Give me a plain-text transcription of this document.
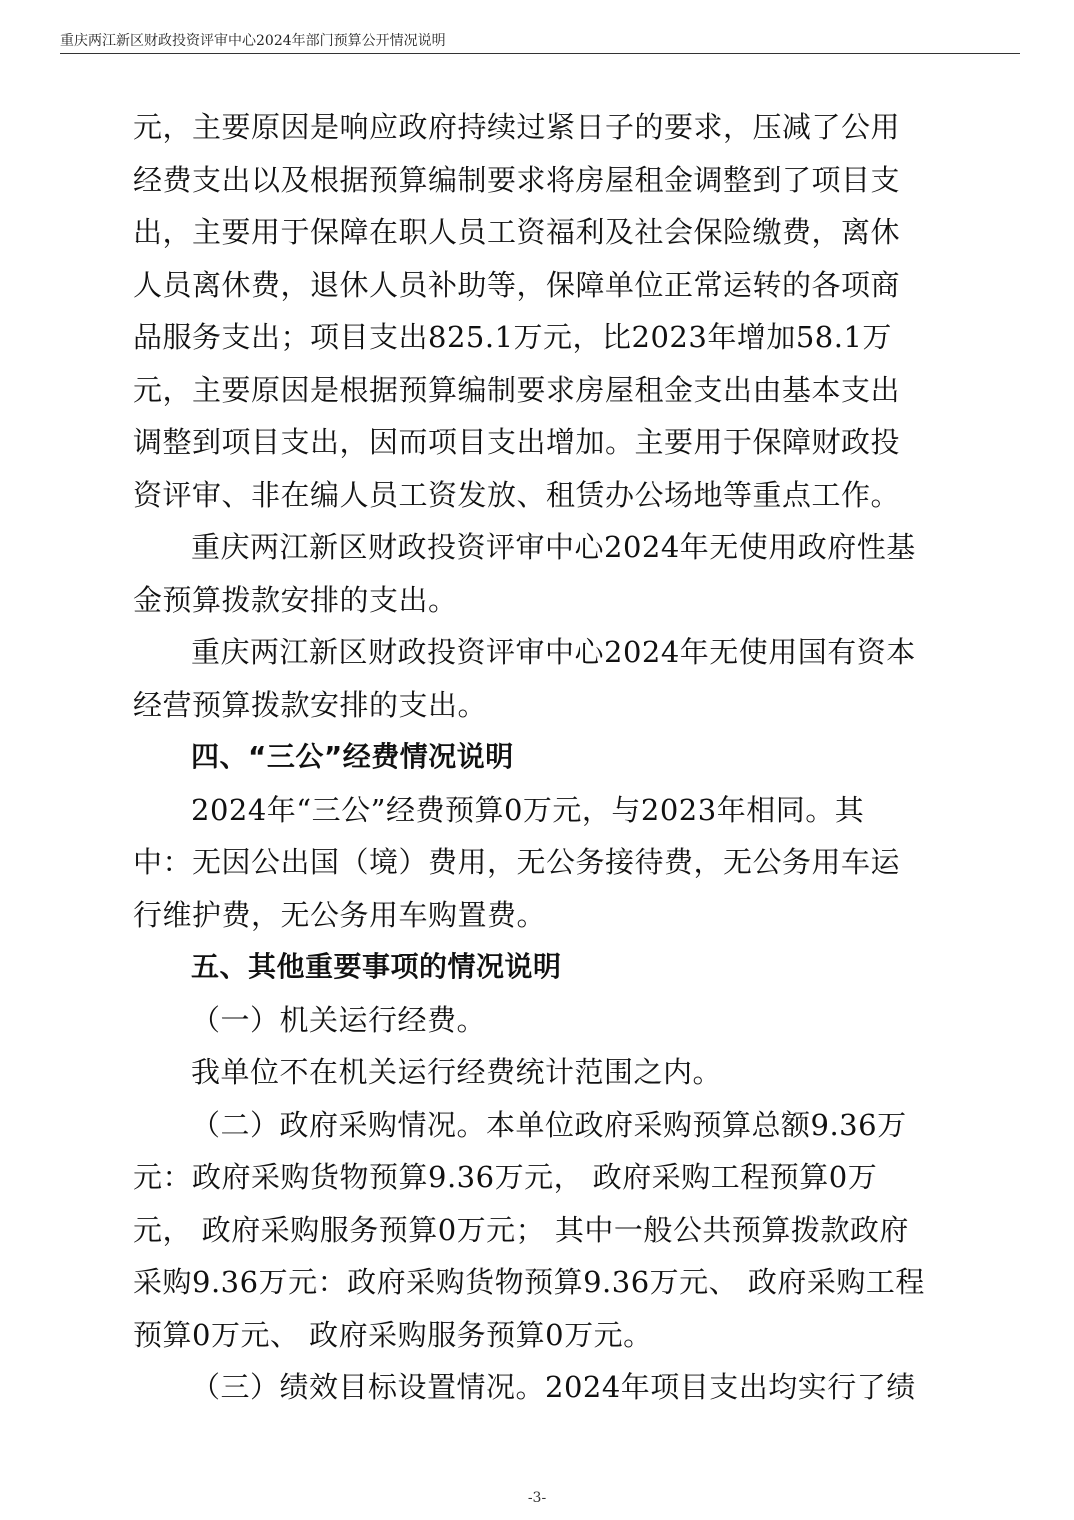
重庆两江新区财政投资评审中心2024年部门预算公开情况说明
元，主要原因是响应政府持续过紧日子的要求，压减了公用
经费支出以及根据预算编制要求将房屋租金调整到了项目支
出，主要用于保障在职人员工资福利及社会保险缴费，离休
人员离休费，退休人员补助等，保障单位正常运转的各项商
品服务支出；项目支出825.1万元，比2023年增加58.1万
元，主要原因是根据预算编制要求房屋租金支出由基本支出
调整到项目支出，因而项目支出增加。主要用于保障财政投
资评审、非在编人员工资发放、租赁办公场地等重点工作。
重庆两江新区财政投资评审中心2024年无使用政府性基
金预算拨款安排的支出。
重庆两江新区财政投资评审中心2024年无使用国有资本
经营预算拨款安排的支出。
四、“三公”经费情况说明
2024年“三公”经费预算0万元，与2023年相同。其
中：无因公出国（境）费用，无公务接待费，无公务用车运
行维护费，无公务用车购置费。
五、其他重要事项的情况说明
（一）机关运行经费。
我单位不在机关运行经费统计范围之内。
（二）政府采购情况。本单位政府采购预算总额9.36万
元：政府采购货物预算9.36万元， 政府采购工程预算0万
元， 政府采购服务预算0万元； 其中一般公共预算拨款政府
采购9.36万元：政府采购货物预算9.36万元、 政府采购工程
预算0万元、 政府采购服务预算0万元。
（三）绩效目标设置情况。2024年项目支出均实行了绩
-3-
